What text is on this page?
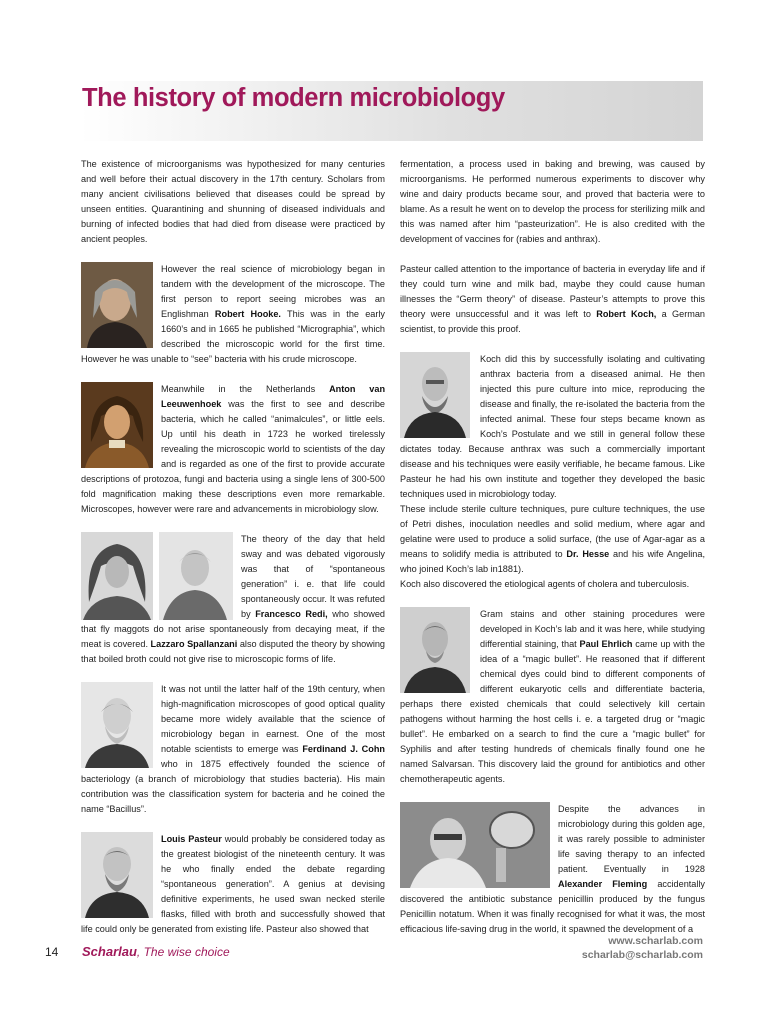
The history of modern microbiology

The existence of microorganisms was hypothesized for many centuries and well before their actual discovery in the 17th century. Scholars from many ancient civilisations believed that diseases could be spread by unseen entities. Quarantining and shunning of diseased individuals and burning of infected bodies that had died from disease were practiced by ancient peoples.

However the real science of microbiology began in tandem with the development of the microscope. The first person to report seeing microbes was an Englishman Robert Hooke. This was in the early 1660’s and in 1665 he published “Micrographia”, which described the microscopic world for the first time. However he was unable to “see” bacteria with his crude microscope.

Meanwhile in the Netherlands Anton van Leeuwenhoek was the first to see and describe bacteria, which he called “animalcules”, or little eels. Up until his death in 1723 he worked tirelessly revealing the microscopic world to scientists of the day and is regarded as one of the first to provide accurate descriptions of protozoa, fungi and bacteria using a single lens of 300-500 fold magnification making these descriptions even more remarkable. Microscopes, however were rare and advancements in microbiology slow.

The theory of the day that held sway and was debated vigorously was that of “spontaneous generation” i. e. that life could spontaneously occur. It was refuted by Francesco Redi, who showed that fly maggots do not arise spontaneously from decaying meat, if the meat is covered. Lazzaro Spallanzani also disputed the theory by showing that boiled broth could not give rise to microscopic forms of life.

It was not until the latter half of the 19th century, when high-magnification microscopes of good optical quality became more widely available that the science of microbiology began in earnest. One of the most notable scientists to emerge was Ferdinand J. Cohn who in 1875 effectively founded the science of bacteriology (a branch of microbiology that studies bacteria). His main contribution was the classification system for bacteria and he coined the name “Bacillus”.

Louis Pasteur would probably be considered today as the greatest biologist of the nineteenth century. It was he who finally ended the debate regarding “spontaneous generation”. A genius at devising definitive experiments, he used swan necked sterile flasks, filled with broth and successfully showed that life could only be generated from existing life. Pasteur also showed that

fermentation, a process used in baking and brewing, was caused by microorganisms. He performed numerous experiments to discover why wine and dairy products became sour, and proved that bacteria were to blame. As a result he went on to develop the process for sterilizing milk and this was named after him “pasteurization”. He is also credited with the development of vaccines for (rabies and anthrax).

Pasteur called attention to the importance of bacteria in everyday life and if they could turn wine and milk bad, maybe they could cause human illnesses the “Germ theory” of disease. Pasteur’s attempts to prove this theory were unsuccessful and it was left to Robert Koch, a German scientist, to provide this proof.

Koch did this by successfully isolating and cultivating anthrax bacteria from a diseased animal. He then injected this pure culture into mice, reproducing the disease and finally, the re-isolated the bacteria from the infected animal. These four steps became known as Koch’s Postulate and we still in general follow these dictates today. Because anthrax was such a commercially important disease and his techniques were easily verifiable, he became famous. Like Pasteur he had his own institute and together they developed the basic techniques used in microbiology today.

These include sterile culture techniques, pure culture techniques, the use of Petri dishes, inoculation needles and solid medium, where agar and gelatine were used to produce a solid surface, (the use of Agar-agar as a means to solidify media is attributed to Dr. Hesse and his wife Angelina, who joined Koch’s lab in1881).

Koch also discovered the etiological agents of cholera and tuberculosis.

Gram stains and other staining procedures were developed in Koch’s lab and it was here, while studying differential staining, that Paul Ehrlich came up with the idea of a “magic bullet”. He reasoned that if different chemical dyes could bind to different components of different eukaryotic cells and differentiate bacteria, perhaps there existed chemicals that could selectively kill certain pathogens without harming the host cells i. e. a targeted drug or “magic bullet”. He embarked on a search to find the cure a “magic bullet” for Syphilis and after testing hundreds of chemicals finally found one he named Salvarsan. This discovery laid the ground for antibiotics and other chemotherapeutic agents.

Despite the advances in microbiology during this golden age, it was rarely possible to administer life saving therapy to an infected patient. Eventually in 1928 Alexander Fleming accidentally discovered the antibiotic substance penicillin produced by the fungus Penicillin notatum. When it was finally recognised for what it was, the most efficacious life-saving drug in the world, it spawned the development of a

14 Scharlau, The wise choice
www.scharlab.com
scharlab@scharlab.com
